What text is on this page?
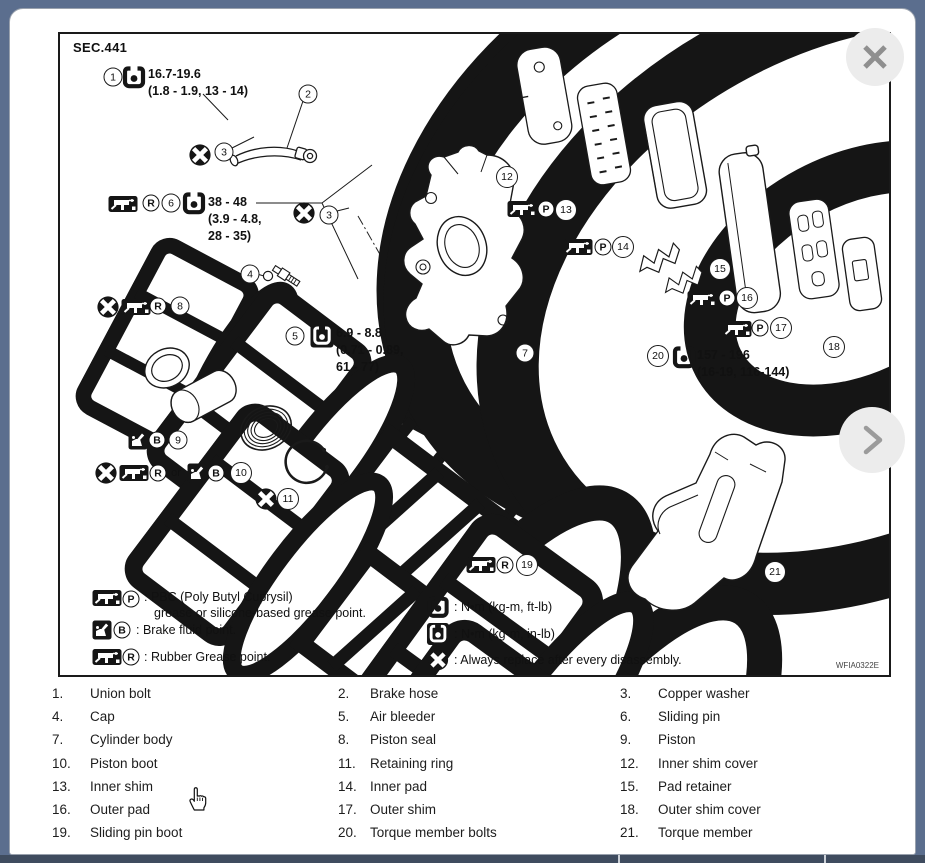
SEC.441
1	16.7-19.6
(1.8 - 1.9, 13 - 14)	2
3
R 6	38 - 48
(3.9 - 4.8,
28 - 35)
3
4
5	6.9 - 8.8
(0.71 - 0.89,
61 - 77)
7
R 8
B 9
R or	B 10
11
12
P 13
P 14
15
P 16
P 17
18
20	157 - 196
(16-19, 116-144)
R 19
21
P : PBC (Poly Butyl Cuprysil)
grease or silicone-based grease point.
B : Brake fluid point.
R : Rubber Grease point.
: N•m (kg-m, ft-lb)
: N•m (kg-m, in-lb)
: Always replace after every disassembly.	WFIA0322E
1.	Union bolt	2.	Brake hose	3.	Copper washer
4.	Cap	5.	Air bleeder	6.	Sliding pin
7.	Cylinder body	8.	Piston seal	9.	Piston
10.	Piston boot	11.	Retaining ring	12.	Inner shim cover
13.	Inner shim	14. Inner pad	15.	Pad retainer
16.	Outer pad	17. Outer shim	18.	Outer shim cover
19.	Sliding pin boot	20. Torque member bolts	21.	Torque member
